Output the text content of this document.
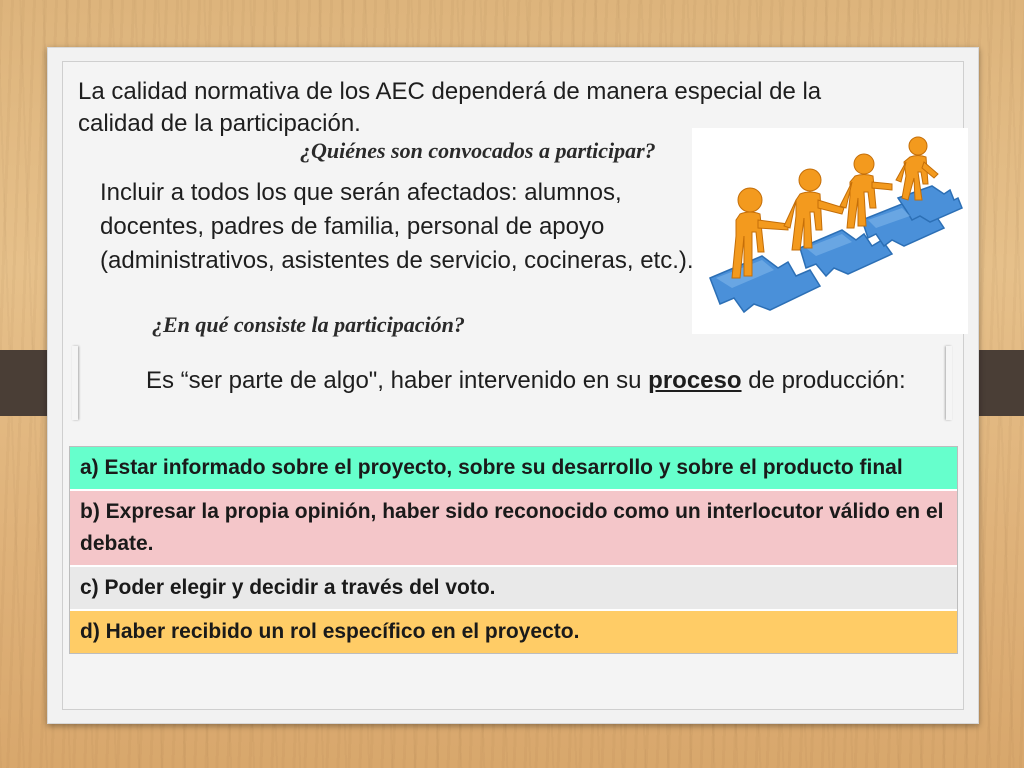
La calidad normativa de los AEC dependerá de manera especial de la calidad de la participación.
¿Quiénes son convocados a participar?
Incluir a todos los que serán afectados: alumnos, docentes, padres de familia, personal de apoyo (administrativos, asistentes de servicio, cocineras, etc.).
¿En qué consiste la participación?
Es “ser parte de algo", haber intervenido en su proceso de producción:
a) Estar informado sobre el proyecto, sobre su desarrollo y sobre el producto final
b) Expresar la propia opinión, haber sido reconocido como un interlocutor válido en el debate.
c) Poder elegir y decidir a través del voto.
d) Haber recibido un rol específico en el proyecto.
